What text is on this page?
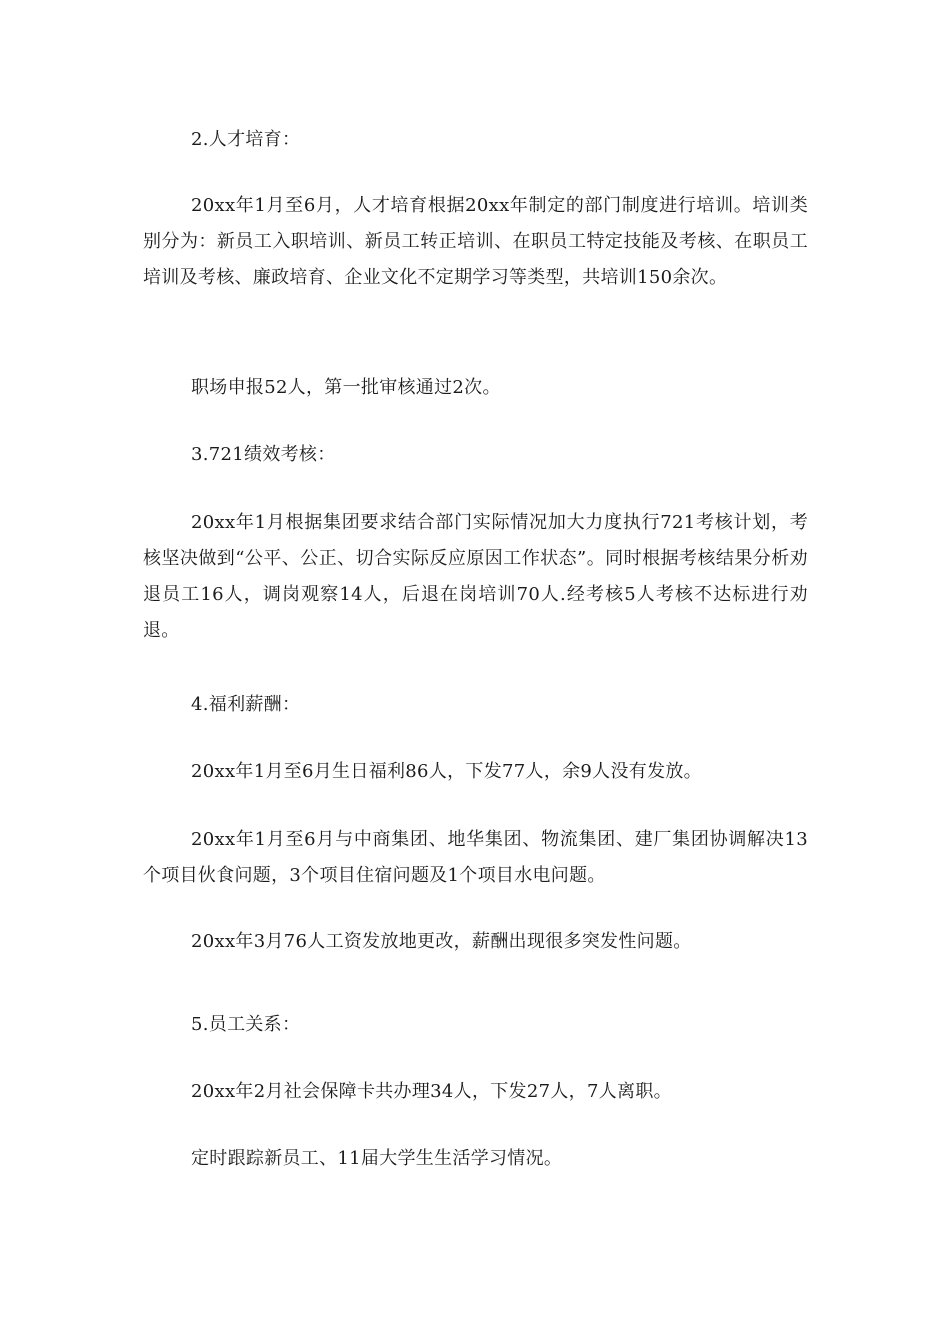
2.人才培育：

20xx年1月至6月，人才培育根据20xx年制定的部门制度进行培训。培训类别分为：新员工入职培训、新员工转正培训、在职员工特定技能及考核、在职员工培训及考核、廉政培育、企业文化不定期学习等类型，共培训150余次。

职场申报52人，第一批审核通过2次。

3.721绩效考核：

20xx年1月根据集团要求结合部门实际情况加大力度执行721考核计划，考核坚决做到“公平、公正、切合实际反应原因工作状态”。同时根据考核结果分析劝退员工16人，调岗观察14人，后退在岗培训70人.经考核5人考核不达标进行劝退。

4.福利薪酬：

20xx年1月至6月生日福利86人，下发77人，余9人没有发放。

20xx年1月至6月与中商集团、地华集团、物流集团、建厂集团协调解决13个项目伙食问题，3个项目住宿问题及1个项目水电问题。

20xx年3月76人工资发放地更改，薪酬出现很多突发性问题。

5.员工关系：

20xx年2月社会保障卡共办理34人，下发27人，7人离职。

定时跟踪新员工、11届大学生生活学习情况。
